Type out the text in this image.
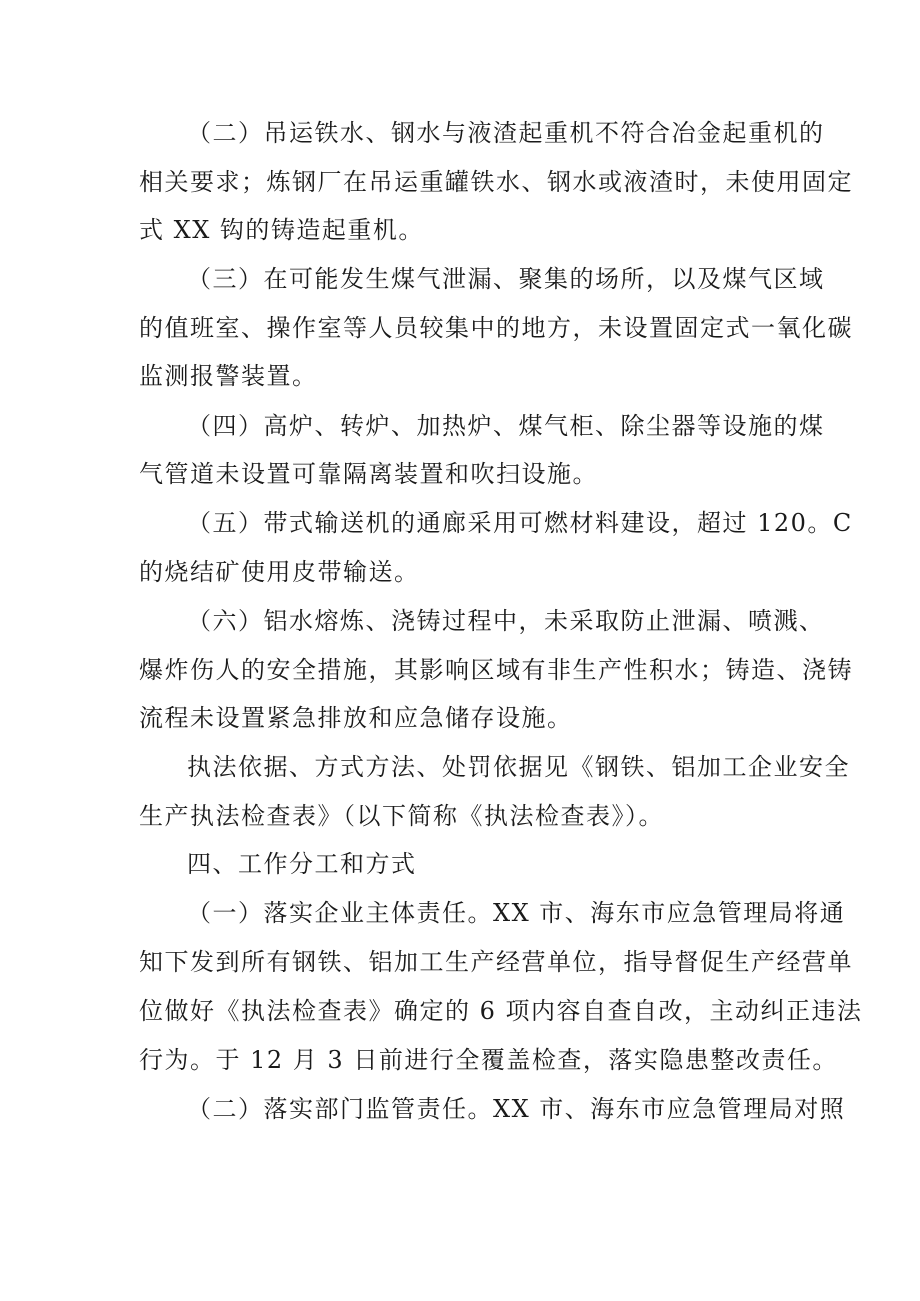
（二）吊运铁水、钢水与液渣起重机不符合冶金起重机的
相关要求；炼钢厂在吊运重罐铁水、钢水或液渣时，未使用固定
式 XX 钩的铸造起重机。
（三）在可能发生煤气泄漏、聚集的场所，以及煤气区域
的值班室、操作室等人员较集中的地方，未设置固定式一氧化碳
监测报警装置。
（四）高炉、转炉、加热炉、煤气柜、除尘器等设施的煤
气管道未设置可靠隔离装置和吹扫设施。
（五）带式输送机的通廊采用可燃材料建设，超过 120。C
的烧结矿使用皮带输送。
（六）铝水熔炼、浇铸过程中，未采取防止泄漏、喷溅、
爆炸伤人的安全措施，其影响区域有非生产性积水；铸造、浇铸
流程未设置紧急排放和应急储存设施。
执法依据、方式方法、处罚依据见《钢铁、铝加工企业安全
生产执法检查表》（以下简称《执法检查表》）。
四、工作分工和方式
（一）落实企业主体责任。XX 市、海东市应急管理局将通
知下发到所有钢铁、铝加工生产经营单位，指导督促生产经营单
位做好《执法检查表》确定的 6 项内容自查自改，主动纠正违法
行为。于 12 月 3 日前进行全覆盖检查，落实隐患整改责任。
（二）落实部门监管责任。XX 市、海东市应急管理局对照
